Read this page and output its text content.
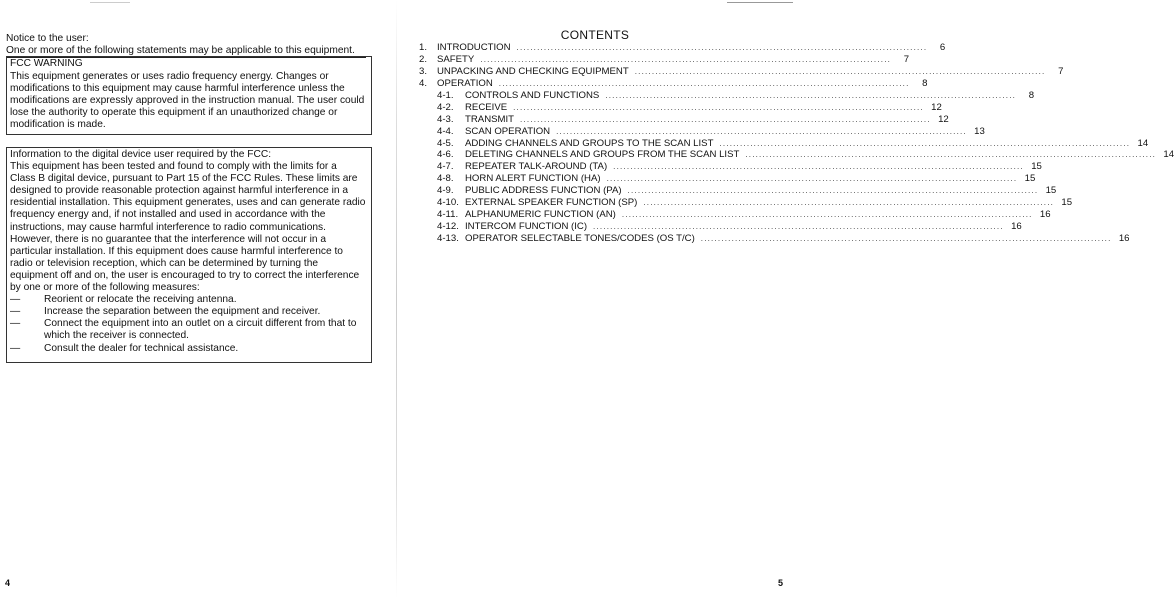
Notice to the user:
One or more of the following statements may be applicable to this equipment.
FCC WARNING
This equipment generates or uses radio frequency energy. Changes or
modifications to this equipment may cause harmful interference unless the
modifications are expressly approved in the instruction manual. The user could
lose the authority to operate this equipment if an unauthorized change or
modification is made.
Information to the digital device user required by the FCC:
This equipment has been tested and found to comply with the limits for a
Class B digital device, pursuant to Part 15 of the FCC Rules. These limits are
designed to provide reasonable protection against harmful interference in a
residential installation. This equipment generates, uses and can generate radio
frequency energy and, if not installed and used in accordance with the
instructions, may cause harmful interference to radio communications.
However, there is no guarantee that the interference will not occur in a
particular installation. If this equipment does cause harmful interference to
radio or television reception, which can be determined by turning the
equipment off and on, the user is encouraged to try to correct the interference
by one or more of the following measures:
— Reorient or relocate the receiving antenna.
— Increase the separation between the equipment and receiver.
— Connect the equipment into an outlet on a circuit different from that to
which the receiver is connected.
— Consult the dealer for technical assistance.
4
CONTENTS
1.	INTRODUCTION ........................................................................................................................	6
2.	SAFETY ........................................................................................................................	7
3.	UNPACKING AND CHECKING EQUIPMENT ........................................................................................................................	7
4.	OPERATION ........................................................................................................................	8
4-1.	CONTROLS AND FUNCTIONS ........................................................................................................................	8
4-2.	RECEIVE ........................................................................................................................ 12
4-3.	TRANSMIT ........................................................................................................................ 12
4-4.	SCAN OPERATION ........................................................................................................................ 13
4-5.	ADDING CHANNELS AND GROUPS TO THE SCAN LIST ........................................................................................................................ 14
4-6.	DELETING CHANNELS AND GROUPS FROM THE SCAN LIST ........................................................................................................................ 14
4-7.	REPEATER TALK-AROUND (TA) ........................................................................................................................ 15
4-8.	HORN ALERT FUNCTION (HA) ........................................................................................................................ 15
4-9.	PUBLIC ADDRESS FUNCTION (PA) ........................................................................................................................ 15
4-10. EXTERNAL SPEAKER FUNCTION (SP) ........................................................................................................................ 15
4-11. ALPHANUMERIC FUNCTION (AN) ........................................................................................................................ 16
4-12. INTERCOM FUNCTION (IC) ........................................................................................................................ 16
4-13. OPERATOR SELECTABLE TONES/CODES (OS T/C) ........................................................................................................................ 16
5
